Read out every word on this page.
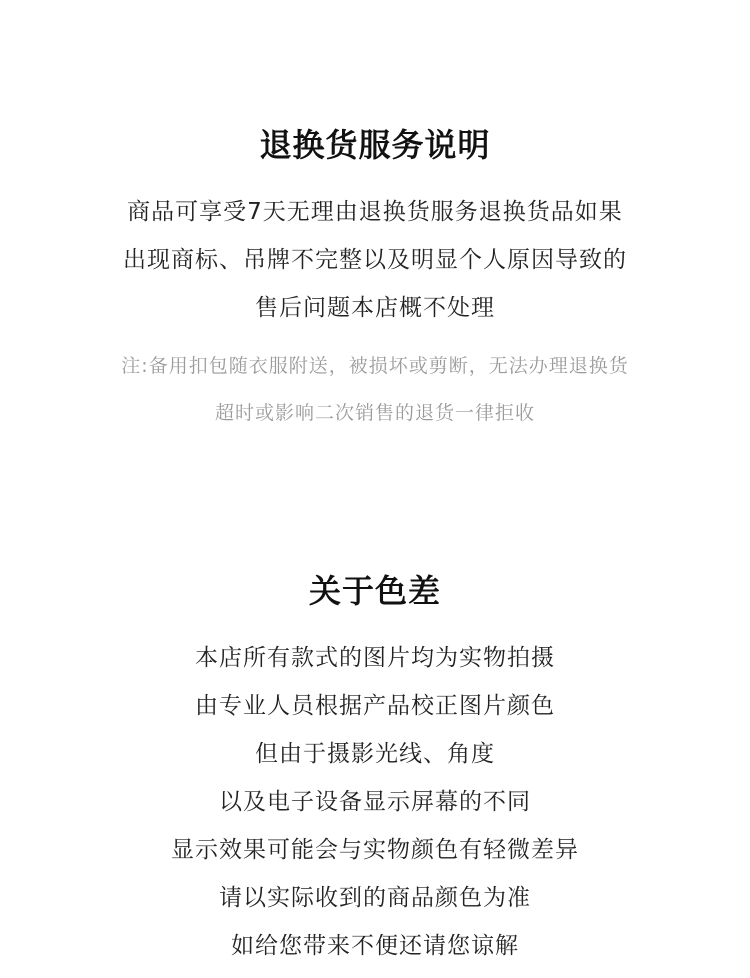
退换货服务说明
商品可享受7天无理由退换货服务退换货品如果
出现商标、吊牌不完整以及明显个人原因导致的
售后问题本店概不处理
注:备用扣包随衣服附送，被损坏或剪断，无法办理退换货
超时或影响二次销售的退货一律拒收
关于色差
本店所有款式的图片均为实物拍摄
由专业人员根据产品校正图片颜色
但由于摄影光线、角度
以及电子设备显示屏幕的不同
显示效果可能会与实物颜色有轻微差异
请以实际收到的商品颜色为准
如给您带来不便还请您谅解
